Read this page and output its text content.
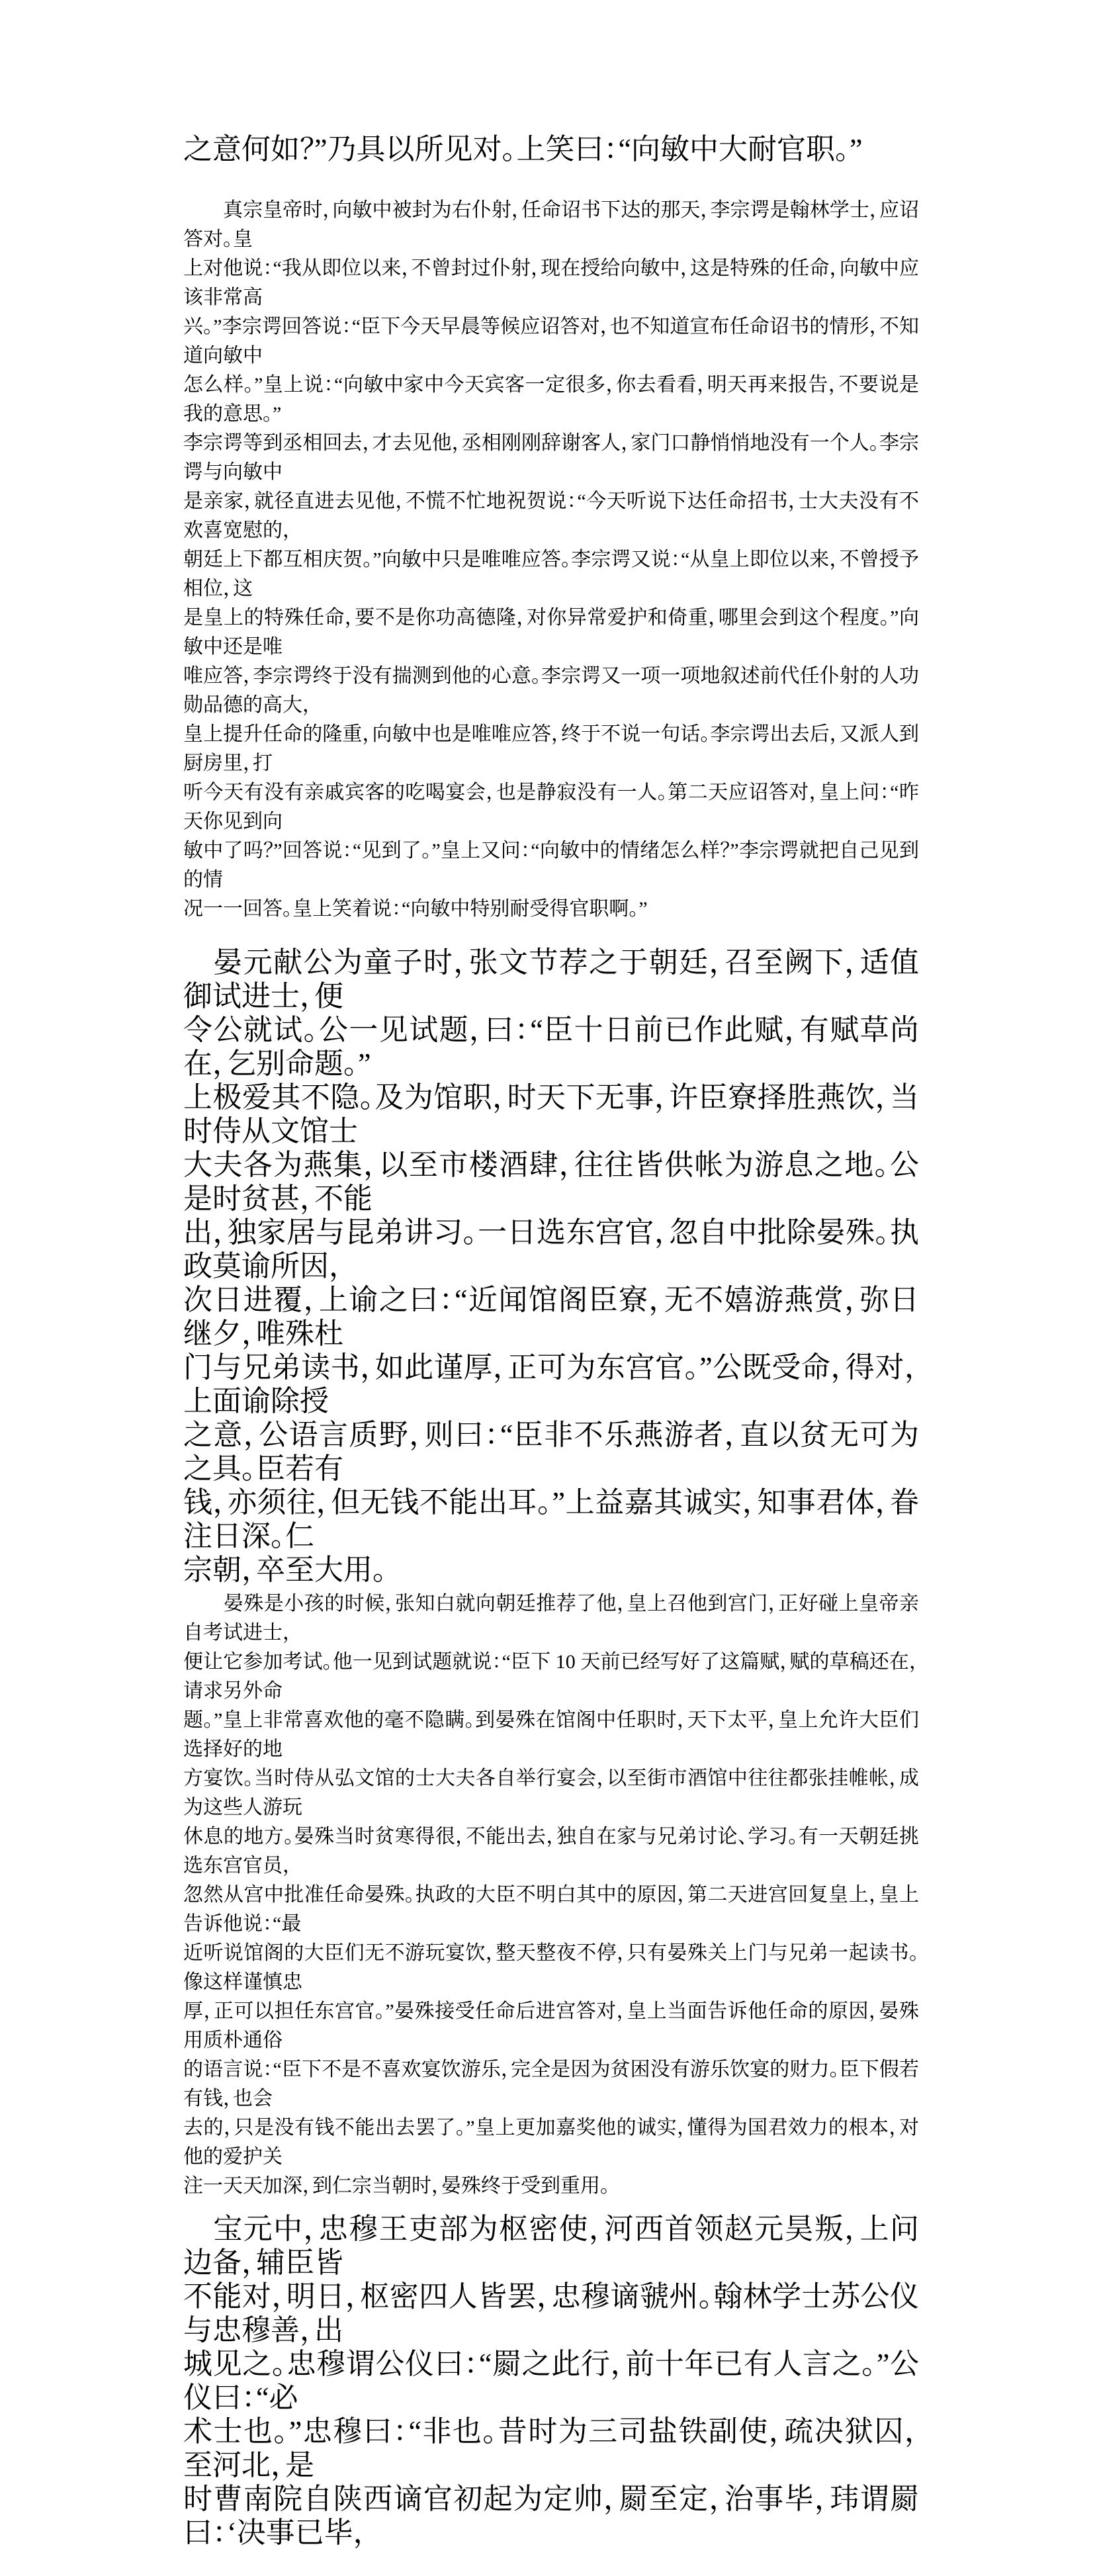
之意何如？”乃具以所见对。上笑曰：“向敏中大耐官职。”
　　真宗皇帝时，向敏中被封为右仆射，任命诏书下达的那天，李宗谔是翰林学士，应诏答对。皇
上对他说：“我从即位以来，不曾封过仆射，现在授给向敏中，这是特殊的任命，向敏中应该非常高
兴。”李宗谔回答说：“臣下今天早晨等候应诏答对，也不知道宣布任命诏书的情形，不知道向敏中
怎么样。”皇上说：“向敏中家中今天宾客一定很多，你去看看，明天再来报告，不要说是我的意思。”
李宗谔等到丞相回去，才去见他，丞相刚刚辞谢客人，家门口静悄悄地没有一个人。李宗谔与向敏中
是亲家，就径直进去见他，不慌不忙地祝贺说：“今天听说下达任命招书，士大夫没有不欢喜宽慰的，
朝廷上下都互相庆贺。”向敏中只是唯唯应答。李宗谔又说：“从皇上即位以来，不曾授予相位，这
是皇上的特殊任命，要不是你功高德隆，对你异常爱护和倚重，哪里会到这个程度。”向敏中还是唯
唯应答，李宗谔终于没有揣测到他的心意。李宗谔又一项一项地叙述前代任仆射的人功勋品德的高大，
皇上提升任命的隆重，向敏中也是唯唯应答，终于不说一句话。李宗谔出去后，又派人到厨房里，打
听今天有没有亲戚宾客的吃喝宴会，也是静寂没有一人。第二天应诏答对，皇上问：“昨天你见到向
敏中了吗？”回答说：“见到了。”皇上又问：“向敏中的情绪怎么样？”李宗谔就把自己见到的情
况一一回答。皇上笑着说：“向敏中特别耐受得官职啊。”
　晏元献公为童子时，张文节荐之于朝廷，召至阙下，适值御试进士，便
令公就试。公一见试题，曰：“臣十日前已作此赋，有赋草尚在，乞别命题。”
上极爱其不隐。及为馆职，时天下无事，许臣寮择胜燕饮，当时侍从文馆士
大夫各为燕集，以至市楼酒肆，往往皆供帐为游息之地。公是时贫甚，不能
出，独家居与昆弟讲习。一日选东宫官，忽自中批除晏殊。执政莫谕所因，
次日进覆，上谕之曰：“近闻馆阁臣寮，无不嬉游燕赏，弥日继夕，唯殊杜
门与兄弟读书，如此谨厚，正可为东宫官。”公既受命，得对，上面谕除授
之意，公语言质野，则曰：“臣非不乐燕游者，直以贫无可为之具。臣若有
钱，亦须往，但无钱不能出耳。”上益嘉其诚实，知事君体，眷注日深。仁
宗朝，卒至大用。
　　晏殊是小孩的时候，张知白就向朝廷推荐了他，皇上召他到宫门，正好碰上皇帝亲自考试进士，
便让它参加考试。他一见到试题就说：“臣下 10 天前已经写好了这篇赋，赋的草稿还在，请求另外命
题。”皇上非常喜欢他的毫不隐瞒。到晏殊在馆阁中任职时，天下太平，皇上允许大臣们选择好的地
方宴饮。当时侍从弘文馆的士大夫各自举行宴会，以至街市酒馆中往往都张挂帷帐，成为这些人游玩
休息的地方。晏殊当时贫寒得很，不能出去，独自在家与兄弟讨论、学习。有一天朝廷挑选东宫官员，
忽然从宫中批准任命晏殊。执政的大臣不明白其中的原因，第二天进宫回复皇上，皇上告诉他说：“最
近听说馆阁的大臣们无不游玩宴饮，整天整夜不停，只有晏殊关上门与兄弟一起读书。像这样谨慎忠
厚，正可以担任东宫官。”晏殊接受任命后进宫答对，皇上当面告诉他任命的原因，晏殊用质朴通俗
的语言说：“臣下不是不喜欢宴饮游乐，完全是因为贫困没有游乐饮宴的财力。臣下假若有钱，也会
去的，只是没有钱不能出去罢了。”皇上更加嘉奖他的诚实，懂得为国君效力的根本，对他的爱护关
注一天天加深，到仁宗当朝时，晏殊终于受到重用。
　宝元中，忠穆王吏部为枢密使，河西首领赵元昊叛，上问边备，辅臣皆
不能对，明日，枢密四人皆罢，忠穆谪虢州。翰林学士苏公仪与忠穆善，出
城见之。忠穆谓公仪曰：“罽之此行，前十年已有人言之。”公仪曰：“必
术士也。”忠穆曰：“非也。昔时为三司盐铁副使，疏决狱囚，至河北，是
时曹南院自陕西谪官初起为定帅，罽至定，治事毕，玮谓罽曰：‘决事已毕，
